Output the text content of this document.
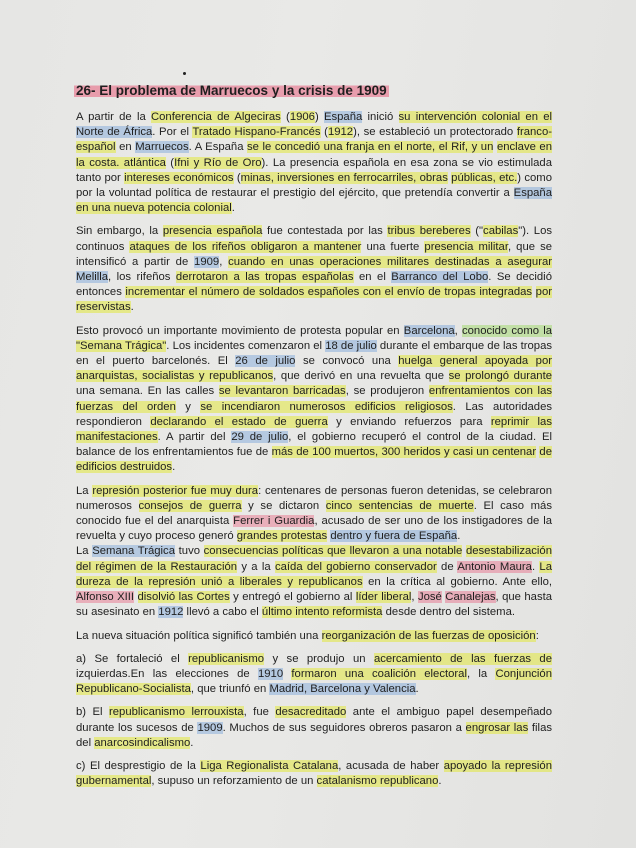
26- El problema de Marruecos y la crisis de 1909

A partir de la Conferencia de Algeciras (1906) España inició su intervención colonial en el Norte de África. Por el Tratado Hispano-Francés (1912), se estableció un protectorado franco-español en Marruecos. A España se le concedió una franja en el norte, el Rif, y un enclave en la costa. atlántica (Ifni y Río de Oro). La presencia española en esa zona se vio estimulada tanto por intereses económicos (minas, inversiones en ferrocarriles, obras públicas, etc.) como por la voluntad política de restaurar el prestigio del ejército, que pretendía convertir a España en una nueva potencia colonial.

Sin embargo, la presencia española fue contestada por las tribus bereberes ("cabilas"). Los continuos ataques de los rifeños obligaron a mantener una fuerte presencia militar, que se intensificó a partir de 1909, cuando en unas operaciones militares destinadas a asegurar Melilla, los rifeños derrotaron a las tropas españolas en el Barranco del Lobo. Se decidió entonces incrementar el número de soldados españoles con el envío de tropas integradas por reservistas.

Esto provocó un importante movimiento de protesta popular en Barcelona, conocido como la "Semana Trágica". Los incidentes comenzaron el 18 de julio durante el embarque de las tropas en el puerto barcelonés. El 26 de julio se convocó una huelga general apoyada por anarquistas, socialistas y republicanos, que derivó en una revuelta que se prolongó durante una semana. En las calles se levantaron barricadas, se produjeron enfrentamientos con las fuerzas del orden y se incendiaron numerosos edificios religiosos. Las autoridades respondieron declarando el estado de guerra y enviando refuerzos para reprimir las manifestaciones. A partir del 29 de julio, el gobierno recuperó el control de la ciudad. El balance de los enfrentamientos fue de más de 100 muertos, 300 heridos y casi un centenar de edificios destruidos.

La represión posterior fue muy dura: centenares de personas fueron detenidas, se celebraron numerosos consejos de guerra y se dictaron cinco sentencias de muerte. El caso más conocido fue el del anarquista Ferrer i Guardia, acusado de ser uno de los instigadores de la revuelta y cuyo proceso generó grandes protestas dentro y fuera de España.

La Semana Trágica tuvo consecuencias políticas que llevaron a una notable desestabilización del régimen de la Restauración y a la caída del gobierno conservador de Antonio Maura. La dureza de la represión unió a liberales y republicanos en la crítica al gobierno. Ante ello, Alfonso XIII disolvió las Cortes y entregó el gobierno al líder liberal, José Canalejas, que hasta su asesinato en 1912 llevó a cabo el último intento reformista desde dentro del sistema.

La nueva situación política significó también una reorganización de las fuerzas de oposición:

a) Se fortaleció el republicanismo y se produjo un acercamiento de las fuerzas de izquierdas.En las elecciones de 1910 formaron una coalición electoral, la Conjunción Republicano-Socialista, que triunfó en Madrid, Barcelona y Valencia.

b) El republicanismo lerrouxista, fue desacreditado ante el ambiguo papel desempeñado durante los sucesos de 1909. Muchos de sus seguidores obreros pasaron a engrosar las filas del anarcosindicalismo.

c) El desprestigio de la Liga Regionalista Catalana, acusada de haber apoyado la represión gubernamental, supuso un reforzamiento de un catalanismo republicano.
